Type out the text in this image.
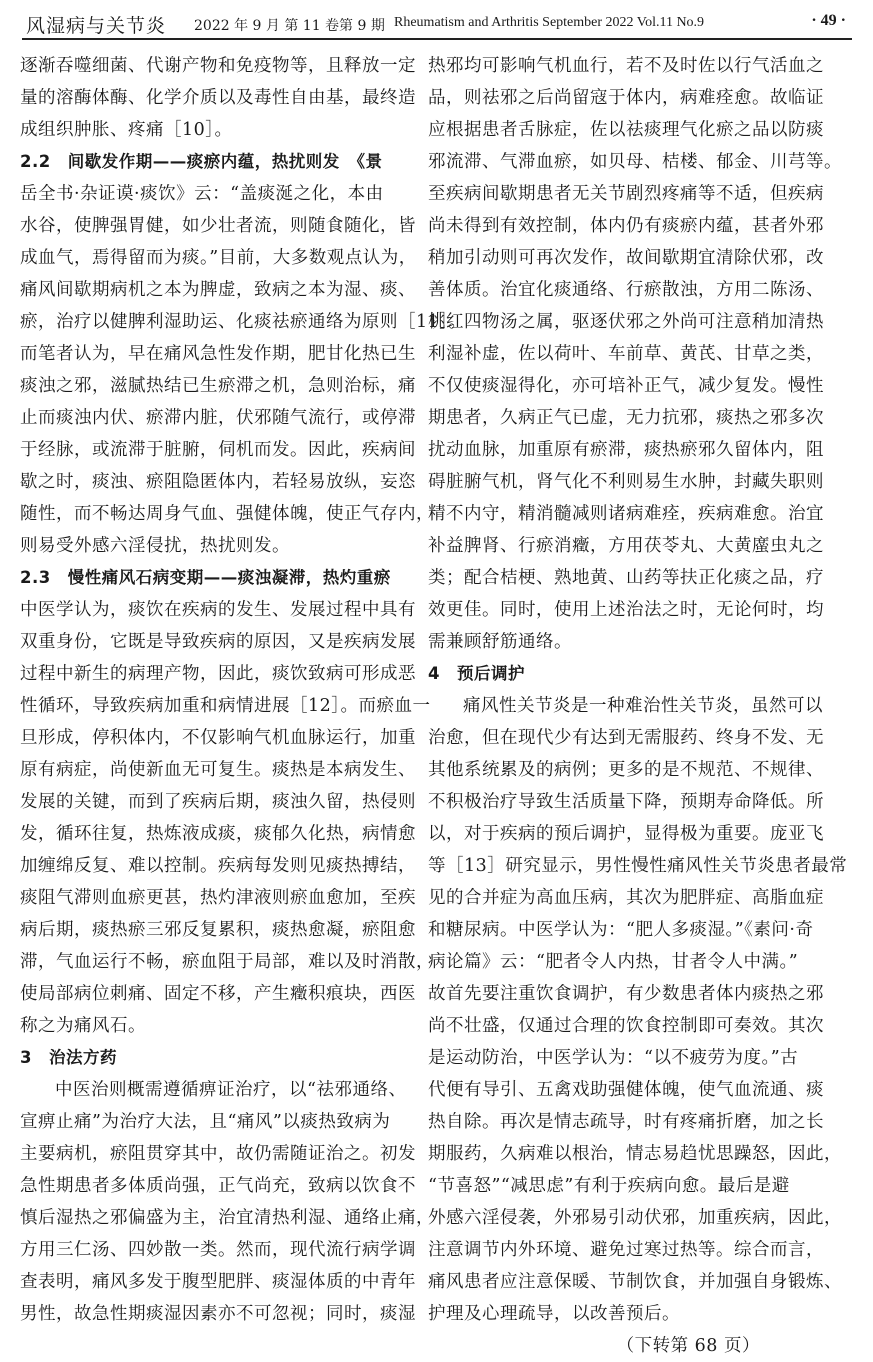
风湿病与关节炎 2022 年 9 月 第 11 卷第 9 期 Rheumatism and Arthritis September 2022 Vol.11 No.9	· 49 ·
逐渐吞噬细菌、代谢产物和免疫物等，且释放一定
量的溶酶体酶、化学介质以及毒性自由基，最终造
成组织肿胀、疼痛［10］。
2.2　间歇发作期——痰瘀内蕴，热扰则发　《景
岳全书·杂证谟·痰饮》云：“盖痰涎之化，本由
水谷，使脾强胃健，如少壮者流，则随食随化，皆
成血气，焉得留而为痰。”目前，大多数观点认为，
痛风间歇期病机之本为脾虚，致病之本为湿、痰、
瘀，治疗以健脾利湿助运、化痰祛瘀通络为原则［11］。
而笔者认为，早在痛风急性发作期，肥甘化热已生
痰浊之邪，滋腻热结已生瘀滞之机，急则治标，痛
止而痰浊内伏、瘀滞内脏，伏邪随气流行，或停滞
于经脉，或流滞于脏腑，伺机而发。因此，疾病间
歇之时，痰浊、瘀阻隐匿体内，若轻易放纵，妄恣
随性，而不畅达周身气血、强健体魄，使正气存内，
则易受外感六淫侵扰，热扰则发。
2.3　慢性痛风石病变期——痰浊凝滞，热灼重瘀
中医学认为，痰饮在疾病的发生、发展过程中具有
双重身份，它既是导致疾病的原因，又是疾病发展
过程中新生的病理产物，因此，痰饮致病可形成恶
性循环，导致疾病加重和病情进展［12］。而瘀血一
旦形成，停积体内，不仅影响气机血脉运行，加重
原有病症，尚使新血无可复生。痰热是本病发生、
发展的关键，而到了疾病后期，痰浊久留，热侵则
发，循环往复，热炼液成痰，痰郁久化热，病情愈
加缠绵反复、难以控制。疾病每发则见痰热搏结，
痰阻气滞则血瘀更甚，热灼津液则瘀血愈加，至疾
病后期，痰热瘀三邪反复累积，痰热愈凝，瘀阻愈
滞，气血运行不畅，瘀血阻于局部，难以及时消散，
使局部病位刺痛、固定不移，产生癥积痕块，西医
称之为痛风石。
3　治法方药
中医治则概需遵循痹证治疗，以“祛邪通络、
宣痹止痛”为治疗大法，且“痛风”以痰热致病为
主要病机，瘀阻贯穿其中，故仍需随证治之。初发
急性期患者多体质尚强，正气尚充，致病以饮食不
慎后湿热之邪偏盛为主，治宜清热利湿、通络止痛，
方用三仁汤、四妙散一类。然而，现代流行病学调
查表明，痛风多发于腹型肥胖、痰湿体质的中青年
男性，故急性期痰湿因素亦不可忽视；同时，痰湿
热邪均可影响气机血行，若不及时佐以行气活血之
品，则祛邪之后尚留寇于体内，病难痊愈。故临证
应根据患者舌脉症，佐以祛痰理气化瘀之品以防痰
邪流滞、气滞血瘀，如贝母、桔楼、郁金、川芎等。
至疾病间歇期患者无关节剧烈疼痛等不适，但疾病
尚未得到有效控制，体内仍有痰瘀内蕴，甚者外邪
稍加引动则可再次发作，故间歇期宜清除伏邪，改
善体质。治宜化痰通络、行瘀散浊，方用二陈汤、
桃红四物汤之属，驱逐伏邪之外尚可注意稍加清热
利湿补虚，佐以荷叶、车前草、黄芪、甘草之类，
不仅使痰湿得化，亦可培补正气，减少复发。慢性
期患者，久病正气已虚，无力抗邪，痰热之邪多次
扰动血脉，加重原有瘀滞，痰热瘀邪久留体内，阻
碍脏腑气机，肾气化不利则易生水肿，封藏失职则
精不内守，精消髓减则诸病难痊，疾病难愈。治宜
补益脾肾、行瘀消癥，方用茯苓丸、大黄䗪虫丸之
类；配合桔梗、熟地黄、山药等扶正化痰之品，疗
效更佳。同时，使用上述治法之时，无论何时，均
需兼顾舒筋通络。
4　预后调护
痛风性关节炎是一种难治性关节炎，虽然可以
治愈，但在现代少有达到无需服药、终身不发、无
其他系统累及的病例；更多的是不规范、不规律、
不积极治疗导致生活质量下降，预期寿命降低。所
以，对于疾病的预后调护，显得极为重要。庞亚飞
等［13］研究显示，男性慢性痛风性关节炎患者最常
见的合并症为高血压病，其次为肥胖症、高脂血症
和糖尿病。中医学认为：“肥人多痰湿。”《素问·奇
病论篇》云：“肥者令人内热，甘者令人中满。”
故首先要注重饮食调护，有少数患者体内痰热之邪
尚不壮盛，仅通过合理的饮食控制即可奏效。其次
是运动防治，中医学认为：“以不疲劳为度。”古
代便有导引、五禽戏助强健体魄，使气血流通、痰
热自除。再次是情志疏导，时有疼痛折磨，加之长
期服药，久病难以根治，情志易趋忧思躁怒，因此，
“节喜怒”“减思虑”有利于疾病向愈。最后是避
外感六淫侵袭，外邪易引动伏邪，加重疾病，因此，
注意调节内外环境、避免过寒过热等。综合而言，
痛风患者应注意保暖、节制饮食，并加强自身锻炼、
护理及心理疏导，以改善预后。
（下转第 68 页）
